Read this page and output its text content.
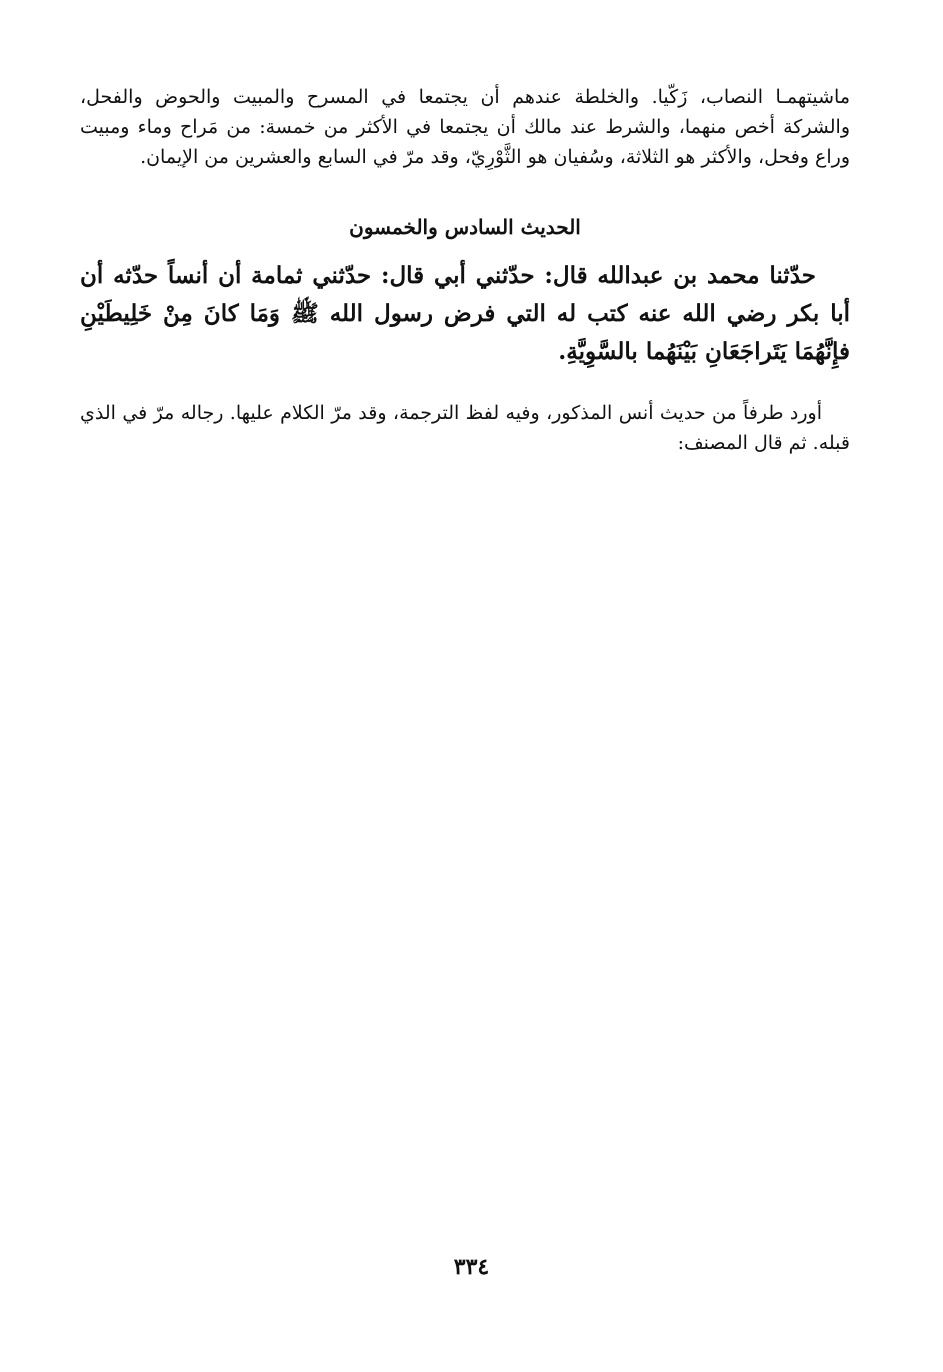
ماشيتهمـا النصاب، زَكّيا. والخلطة عندهم أن يجتمعا في المسرح والمبيت والحوض والفحل، والشركة أخص منهما، والشرط عند مالك أن يجتمعا في الأكثر من خمسة: من مَراح وماء ومبيت وراع وفحل، والأكثر هو الثلاثة، وسُفيان هو الثَّوْرِيّ، وقد مرّ في السابع والعشرين من الإيمان.

الحديث السادس والخمسون

حدّثنا محمد بن عبدالله قال: حدّثني أبي قال: حدّثني ثمامة أن أنساً حدّثه أن أبا بكر رضي الله عنه كتب له التي فرض رسول الله ﷺ وَمَا كانَ مِنْ خَلِيطَيْنِ فإِنَّهُمَا يَتَراجَعَانِ بَيْنَهُما بالسَّوِيَّةِ.

أورد طرفاً من حديث أنس المذكور، وفيه لفظ الترجمة، وقد مرّ الكلام عليها. رجاله مرّ في الذي قبله. ثم قال المصنف:

٣٣٤
